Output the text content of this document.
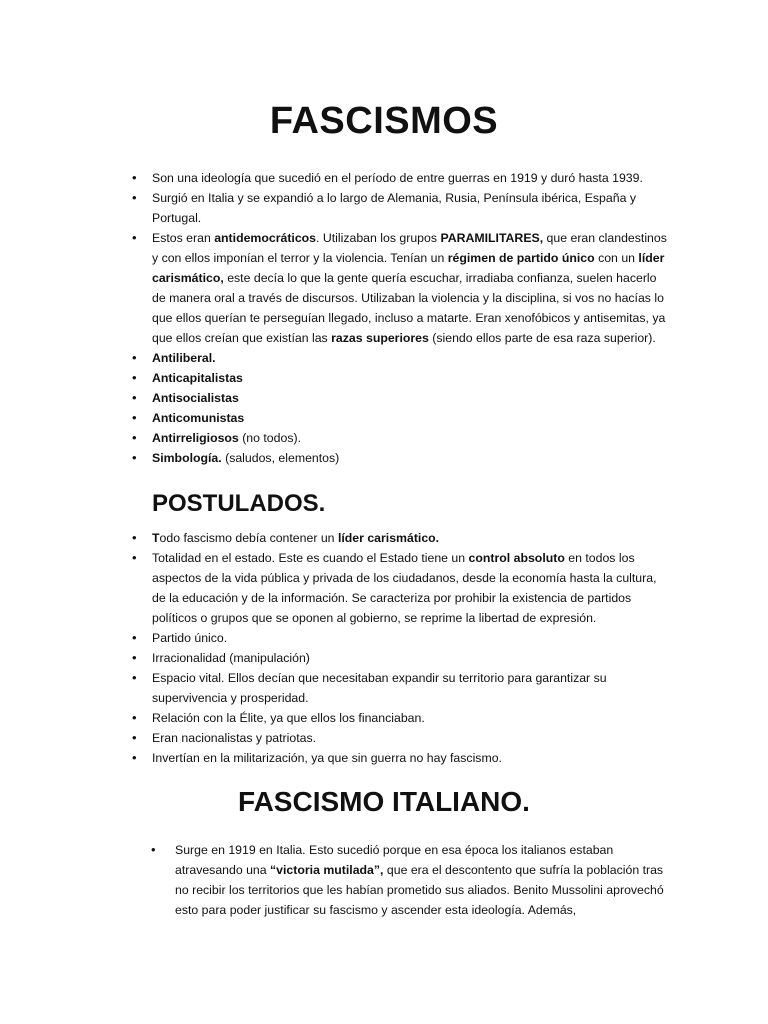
FASCISMOS
• Son una ideología que sucedió en el período de entre guerras en 1919 y duró hasta 1939.
• Surgió en Italia y se expandió a lo largo de Alemania, Rusia, Península ibérica, España y Portugal.
• Estos eran antidemocráticos. Utilizaban los grupos PARAMILITARES, que eran clandestinos y con ellos imponían el terror y la violencia. Tenían un régimen de partido único con un líder carismático, este decía lo que la gente quería escuchar, irradiaba confianza, suelen hacerlo de manera oral a través de discursos. Utilizaban la violencia y la disciplina, si vos no hacías lo que ellos querían te perseguían llegado, incluso a matarte. Eran xenofóbicos y antisemitas, ya que ellos creían que existían las razas superiores (siendo ellos parte de esa raza superior).
• Antiliberal.
• Anticapitalistas
• Antisocialistas
• Anticomunistas
• Antirreligiosos (no todos).
• Simbología. (saludos, elementos)
POSTULADOS.
• Todo fascismo debía contener un líder carismático.
• Totalidad en el estado. Este es cuando el Estado tiene un control absoluto en todos los aspectos de la vida pública y privada de los ciudadanos, desde la economía hasta la cultura, de la educación y de la información. Se caracteriza por prohibir la existencia de partidos políticos o grupos que se oponen al gobierno, se reprime la libertad de expresión.
• Partido único.
• Irracionalidad (manipulación)
• Espacio vital. Ellos decían que necesitaban expandir su territorio para garantizar su supervivencia y prosperidad.
• Relación con la Élite, ya que ellos los financiaban.
• Eran nacionalistas y patriotas.
• Invertían en la militarización, ya que sin guerra no hay fascismo.
FASCISMO ITALIANO.
• Surge en 1919 en Italia. Esto sucedió porque en esa época los italianos estaban atravesando una “victoria mutilada”, que era el descontento que sufría la población tras no recibir los territorios que les habían prometido sus aliados. Benito Mussolini aprovechó esto para poder justificar su fascismo y ascender esta ideología. Además,
